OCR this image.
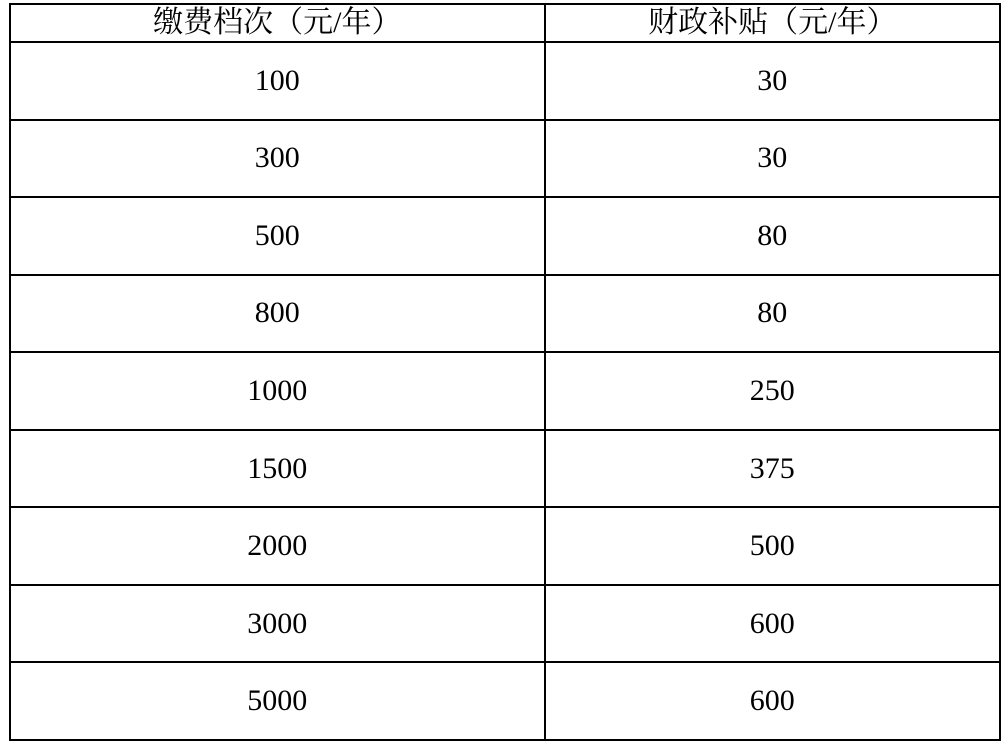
缴费档次（元/年）	财政补贴（元/年）
100	30
300	30
500	80
800	80
1000	250
1500	375
2000	500
3000	600
5000	600
